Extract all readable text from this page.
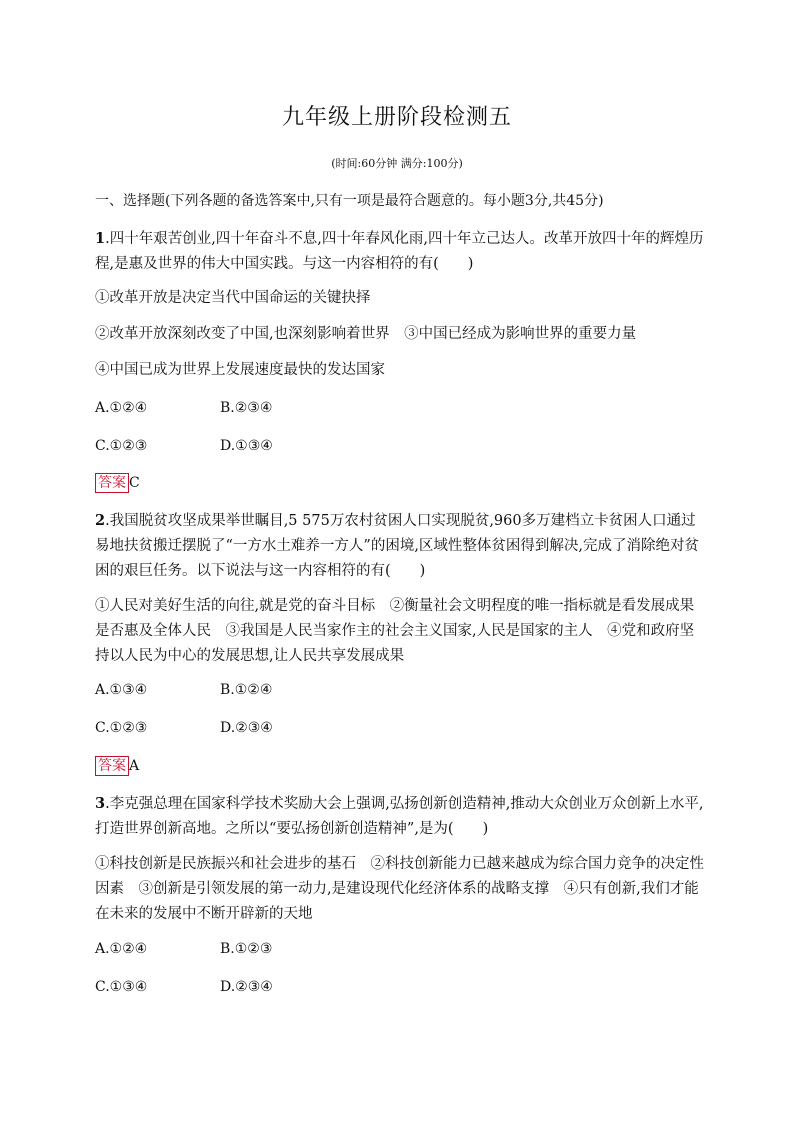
九年级上册阶段检测五
(时间:60分钟 满分:100分)
一、选择题(下列各题的备选答案中,只有一项是最符合题意的。每小题3分,共45分)
1.四十年艰苦创业,四十年奋斗不息,四十年春风化雨,四十年立己达人。改革开放四十年的辉煌历程,是惠及世界的伟大中国实践。与这一内容相符的有(　　)
①改革开放是决定当代中国命运的关键抉择
②改革开放深刻改变了中国,也深刻影响着世界　③中国已经成为影响世界的重要力量
④中国已成为世界上发展速度最快的发达国家
A.①②④	B.②③④
C.①②③	D.①③④
答案 C
2.我国脱贫攻坚成果举世瞩目,5 575万农村贫困人口实现脱贫,960多万建档立卡贫困人口通过易地扶贫搬迁摆脱了“一方水土难养一方人”的困境,区域性整体贫困得到解决,完成了消除绝对贫困的艰巨任务。以下说法与这一内容相符的有(　　)
①人民对美好生活的向往,就是党的奋斗目标　②衡量社会文明程度的唯一指标就是看发展成果是否惠及全体人民　③我国是人民当家作主的社会主义国家,人民是国家的主人　④党和政府坚持以人民为中心的发展思想,让人民共享发展成果
A.①③④	B.①②④
C.①②③	D.②③④
答案 A
3.李克强总理在国家科学技术奖励大会上强调,弘扬创新创造精神,推动大众创业万众创新上水平,打造世界创新高地。之所以“要弘扬创新创造精神”,是为(　　)
①科技创新是民族振兴和社会进步的基石　②科技创新能力已越来越成为综合国力竞争的决定性因素　③创新是引领发展的第一动力,是建设现代化经济体系的战略支撑　④只有创新,我们才能在未来的发展中不断开辟新的天地
A.①②④	B.①②③
C.①③④	D.②③④
